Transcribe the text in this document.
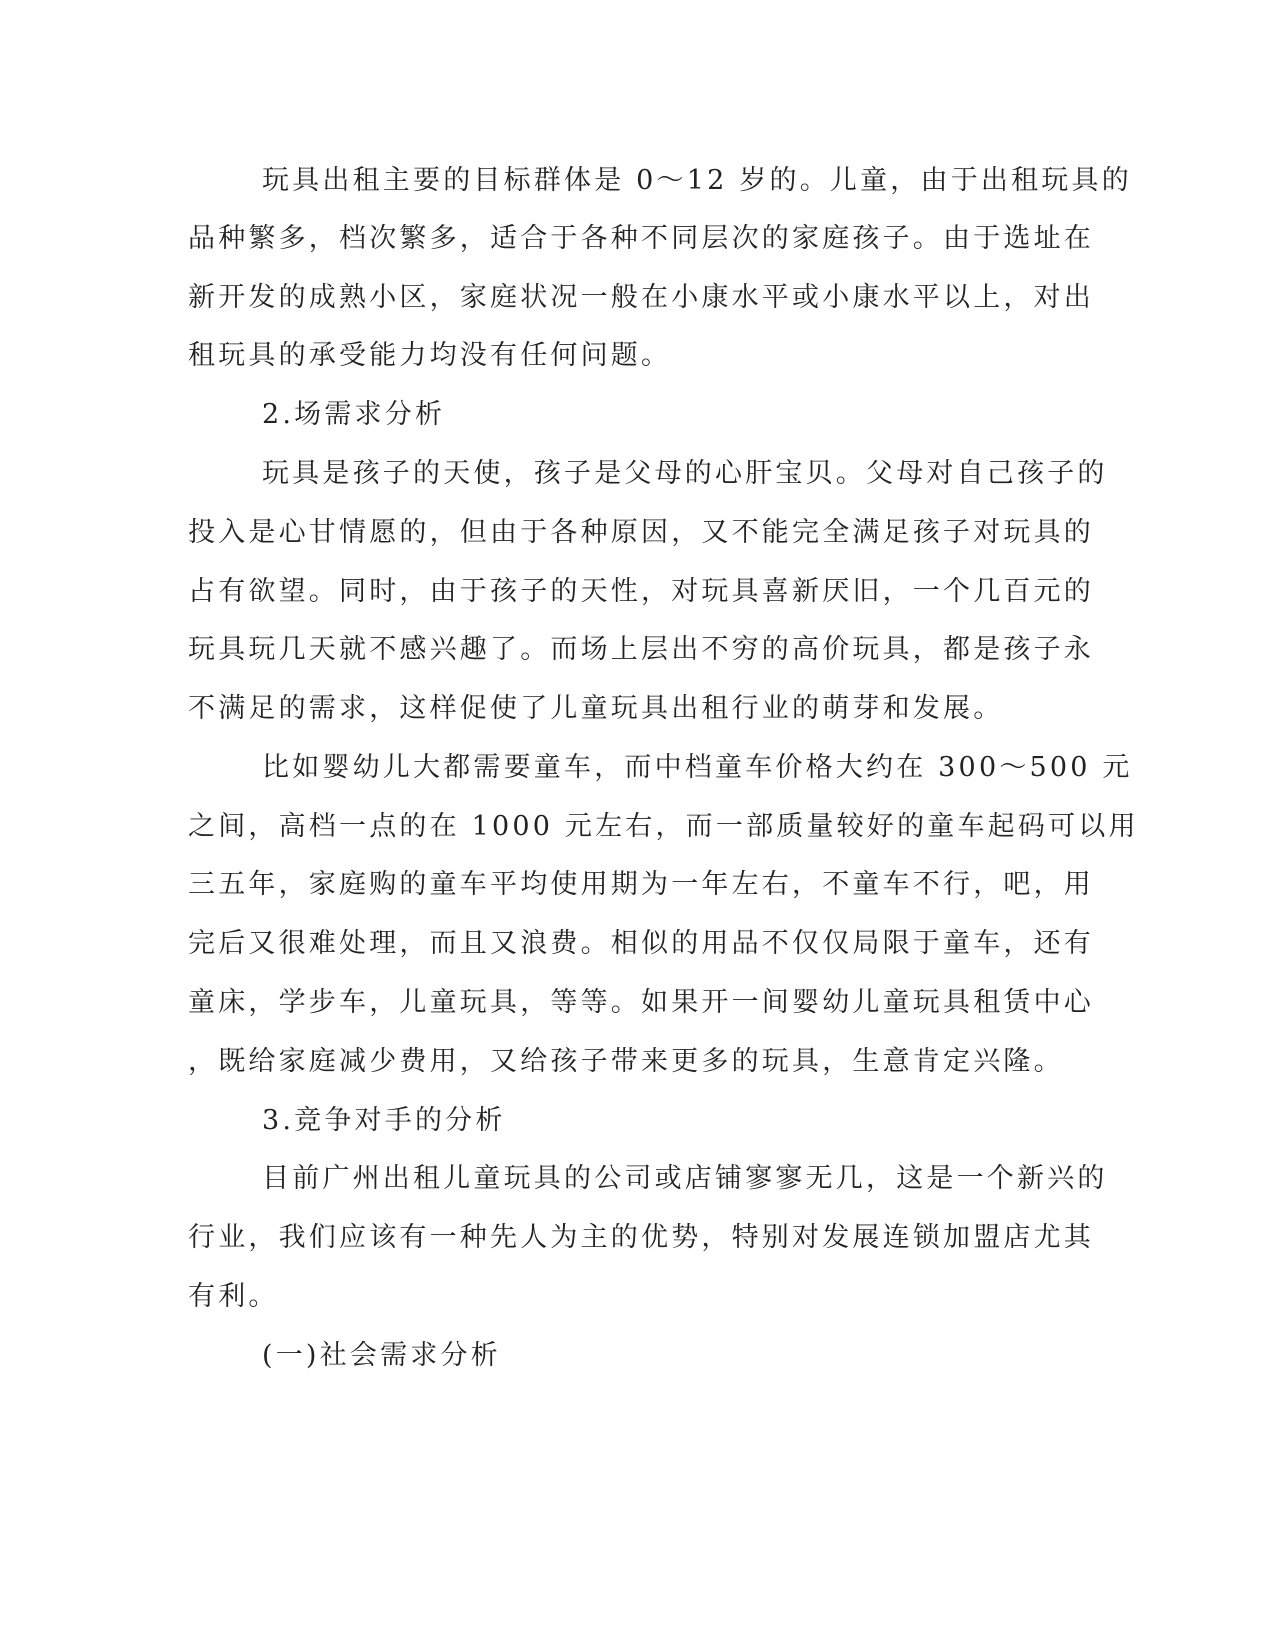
玩具出租主要的目标群体是 0～12 岁的。儿童，由于出租玩具的
品种繁多，档次繁多，适合于各种不同层次的家庭孩子。由于选址在
新开发的成熟小区，家庭状况一般在小康水平或小康水平以上，对出
租玩具的承受能力均没有任何问题。
2.场需求分析
玩具是孩子的天使，孩子是父母的心肝宝贝。父母对自己孩子的
投入是心甘情愿的，但由于各种原因，又不能完全满足孩子对玩具的
占有欲望。同时，由于孩子的天性，对玩具喜新厌旧，一个几百元的
玩具玩几天就不感兴趣了。而场上层出不穷的高价玩具，都是孩子永
不满足的需求，这样促使了儿童玩具出租行业的萌芽和发展。
比如婴幼儿大都需要童车，而中档童车价格大约在 300～500 元
之间，高档一点的在 1000 元左右，而一部质量较好的童车起码可以用
三五年，家庭购的童车平均使用期为一年左右，不童车不行，吧，用
完后又很难处理，而且又浪费。相似的用品不仅仅局限于童车，还有
童床，学步车，儿童玩具，等等。如果开一间婴幼儿童玩具租赁中心
，既给家庭减少费用，又给孩子带来更多的玩具，生意肯定兴隆。
3.竞争对手的分析
目前广州出租儿童玩具的公司或店铺寥寥无几，这是一个新兴的
行业，我们应该有一种先人为主的优势，特别对发展连锁加盟店尤其
有利。
(一)社会需求分析
